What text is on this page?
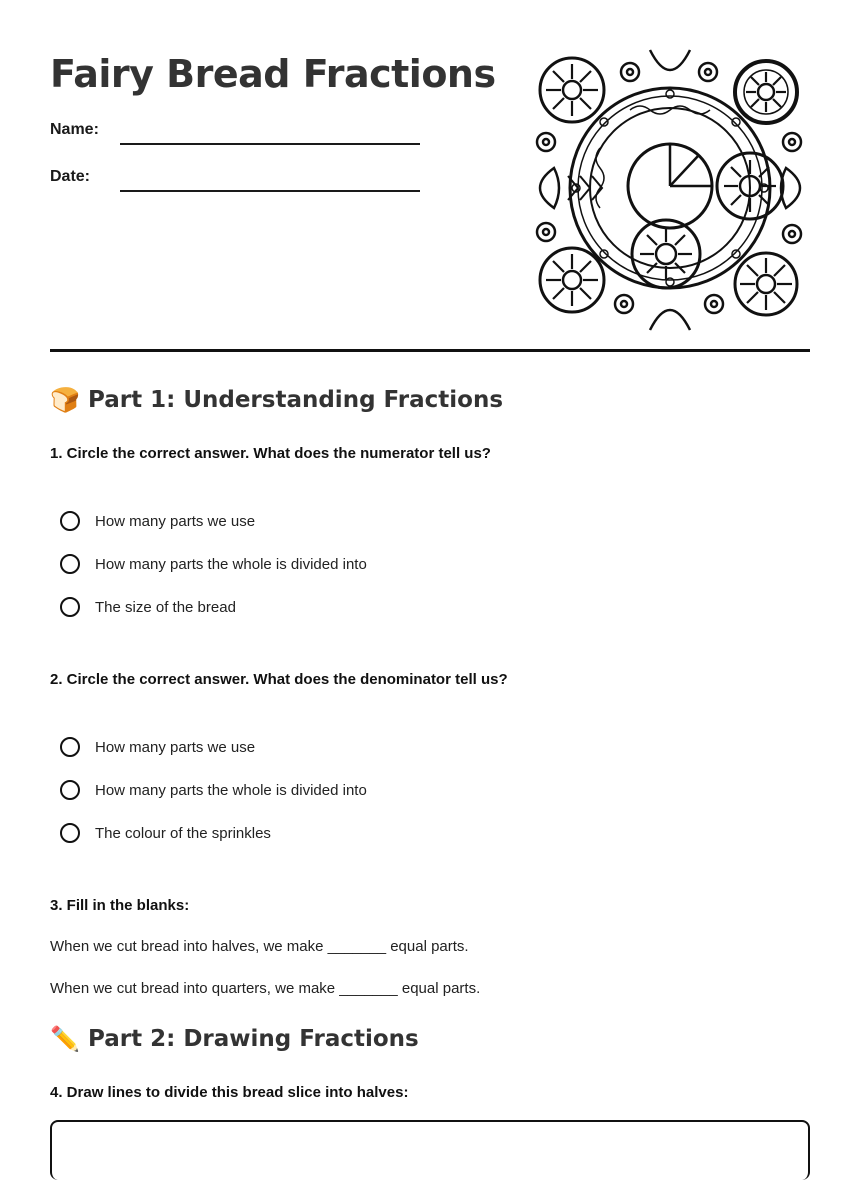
Fairy Bread Fractions
Name:
Date:
🍞 Part 1: Understanding Fractions
1. Circle the correct answer. What does the numerator tell us?
How many parts we use
How many parts the whole is divided into
The size of the bread
2. Circle the correct answer. What does the denominator tell us?
How many parts we use
How many parts the whole is divided into
The colour of the sprinkles
3. Fill in the blanks:
When we cut bread into halves, we make _______ equal parts.
When we cut bread into quarters, we make _______ equal parts.
✏️ Part 2: Drawing Fractions
4. Draw lines to divide this bread slice into halves:
